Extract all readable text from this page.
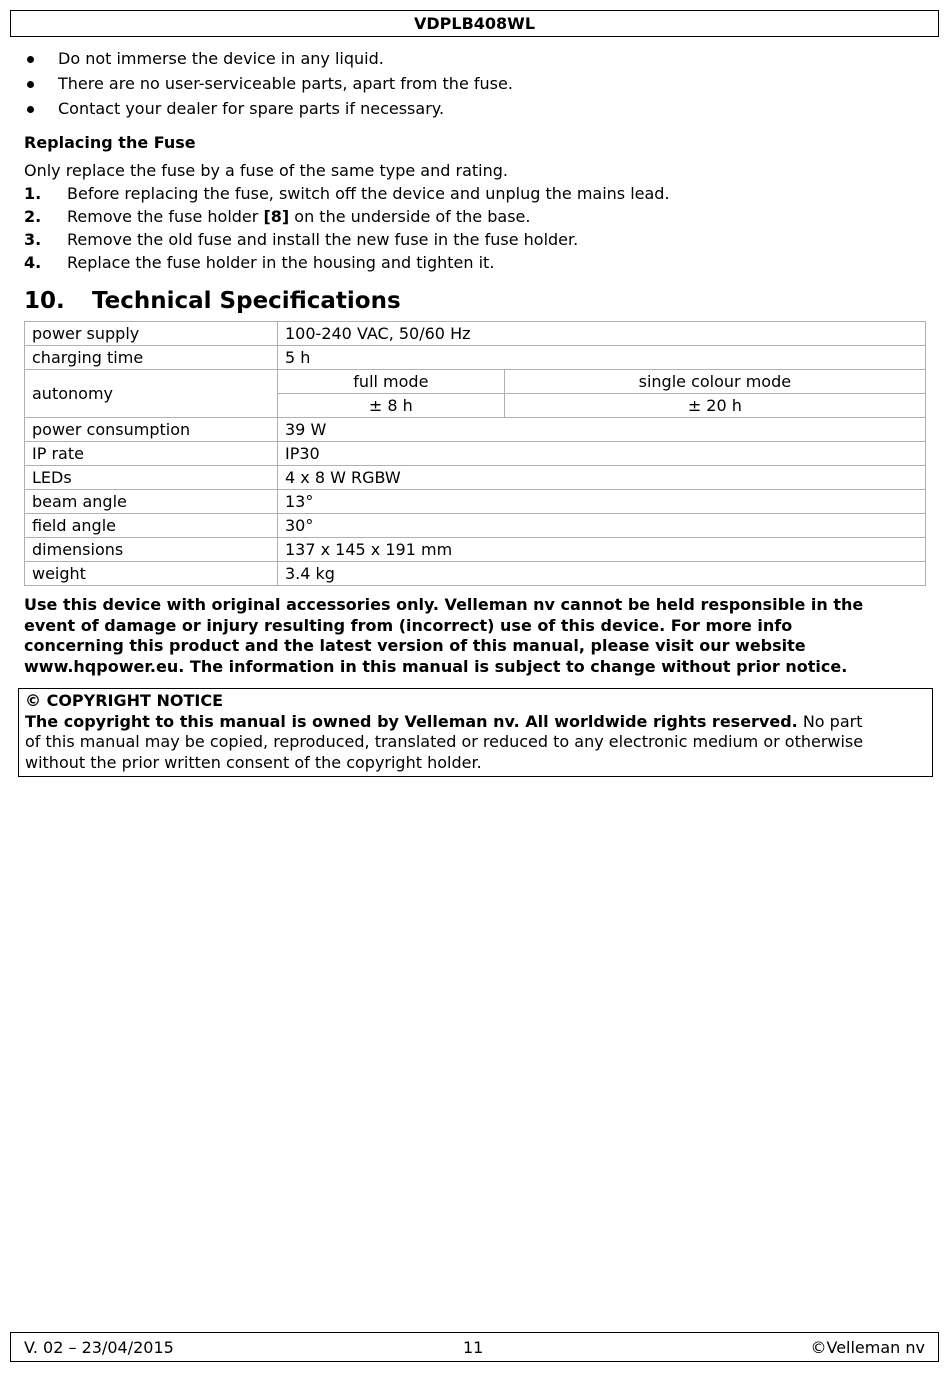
VDPLB408WL
Do not immerse the device in any liquid.
There are no user-serviceable parts, apart from the fuse.
Contact your dealer for spare parts if necessary.
Replacing the Fuse
Only replace the fuse by a fuse of the same type and rating.
1. Before replacing the fuse, switch off the device and unplug the mains lead.
2. Remove the fuse holder [8] on the underside of the base.
3. Remove the old fuse and install the new fuse in the fuse holder.
4. Replace the fuse holder in the housing and tighten it.
10. Technical Specifications
power supply	100-240 VAC, 50/60 Hz	
charging time	5 h	
autonomy	full mode	single colour mode
	± 8 h	± 20 h
power consumption	39 W	
IP rate	IP30	
LEDs	4 x 8 W RGBW	
beam angle	13°	
field angle	30°	
dimensions	137 x 145 x 191 mm	
weight	3.4 kg	
Use this device with original accessories only. Velleman nv cannot be held responsible in the
event of damage or injury resulting from (incorrect) use of this device. For more info
concerning this product and the latest version of this manual, please visit our website
www.hqpower.eu. The information in this manual is subject to change without prior notice.
© COPYRIGHT NOTICE
The copyright to this manual is owned by Velleman nv. All worldwide rights reserved. No part
of this manual may be copied, reproduced, translated or reduced to any electronic medium or otherwise
without the prior written consent of the copyright holder.
V. 02 – 23/04/2015	11	©Velleman nv
